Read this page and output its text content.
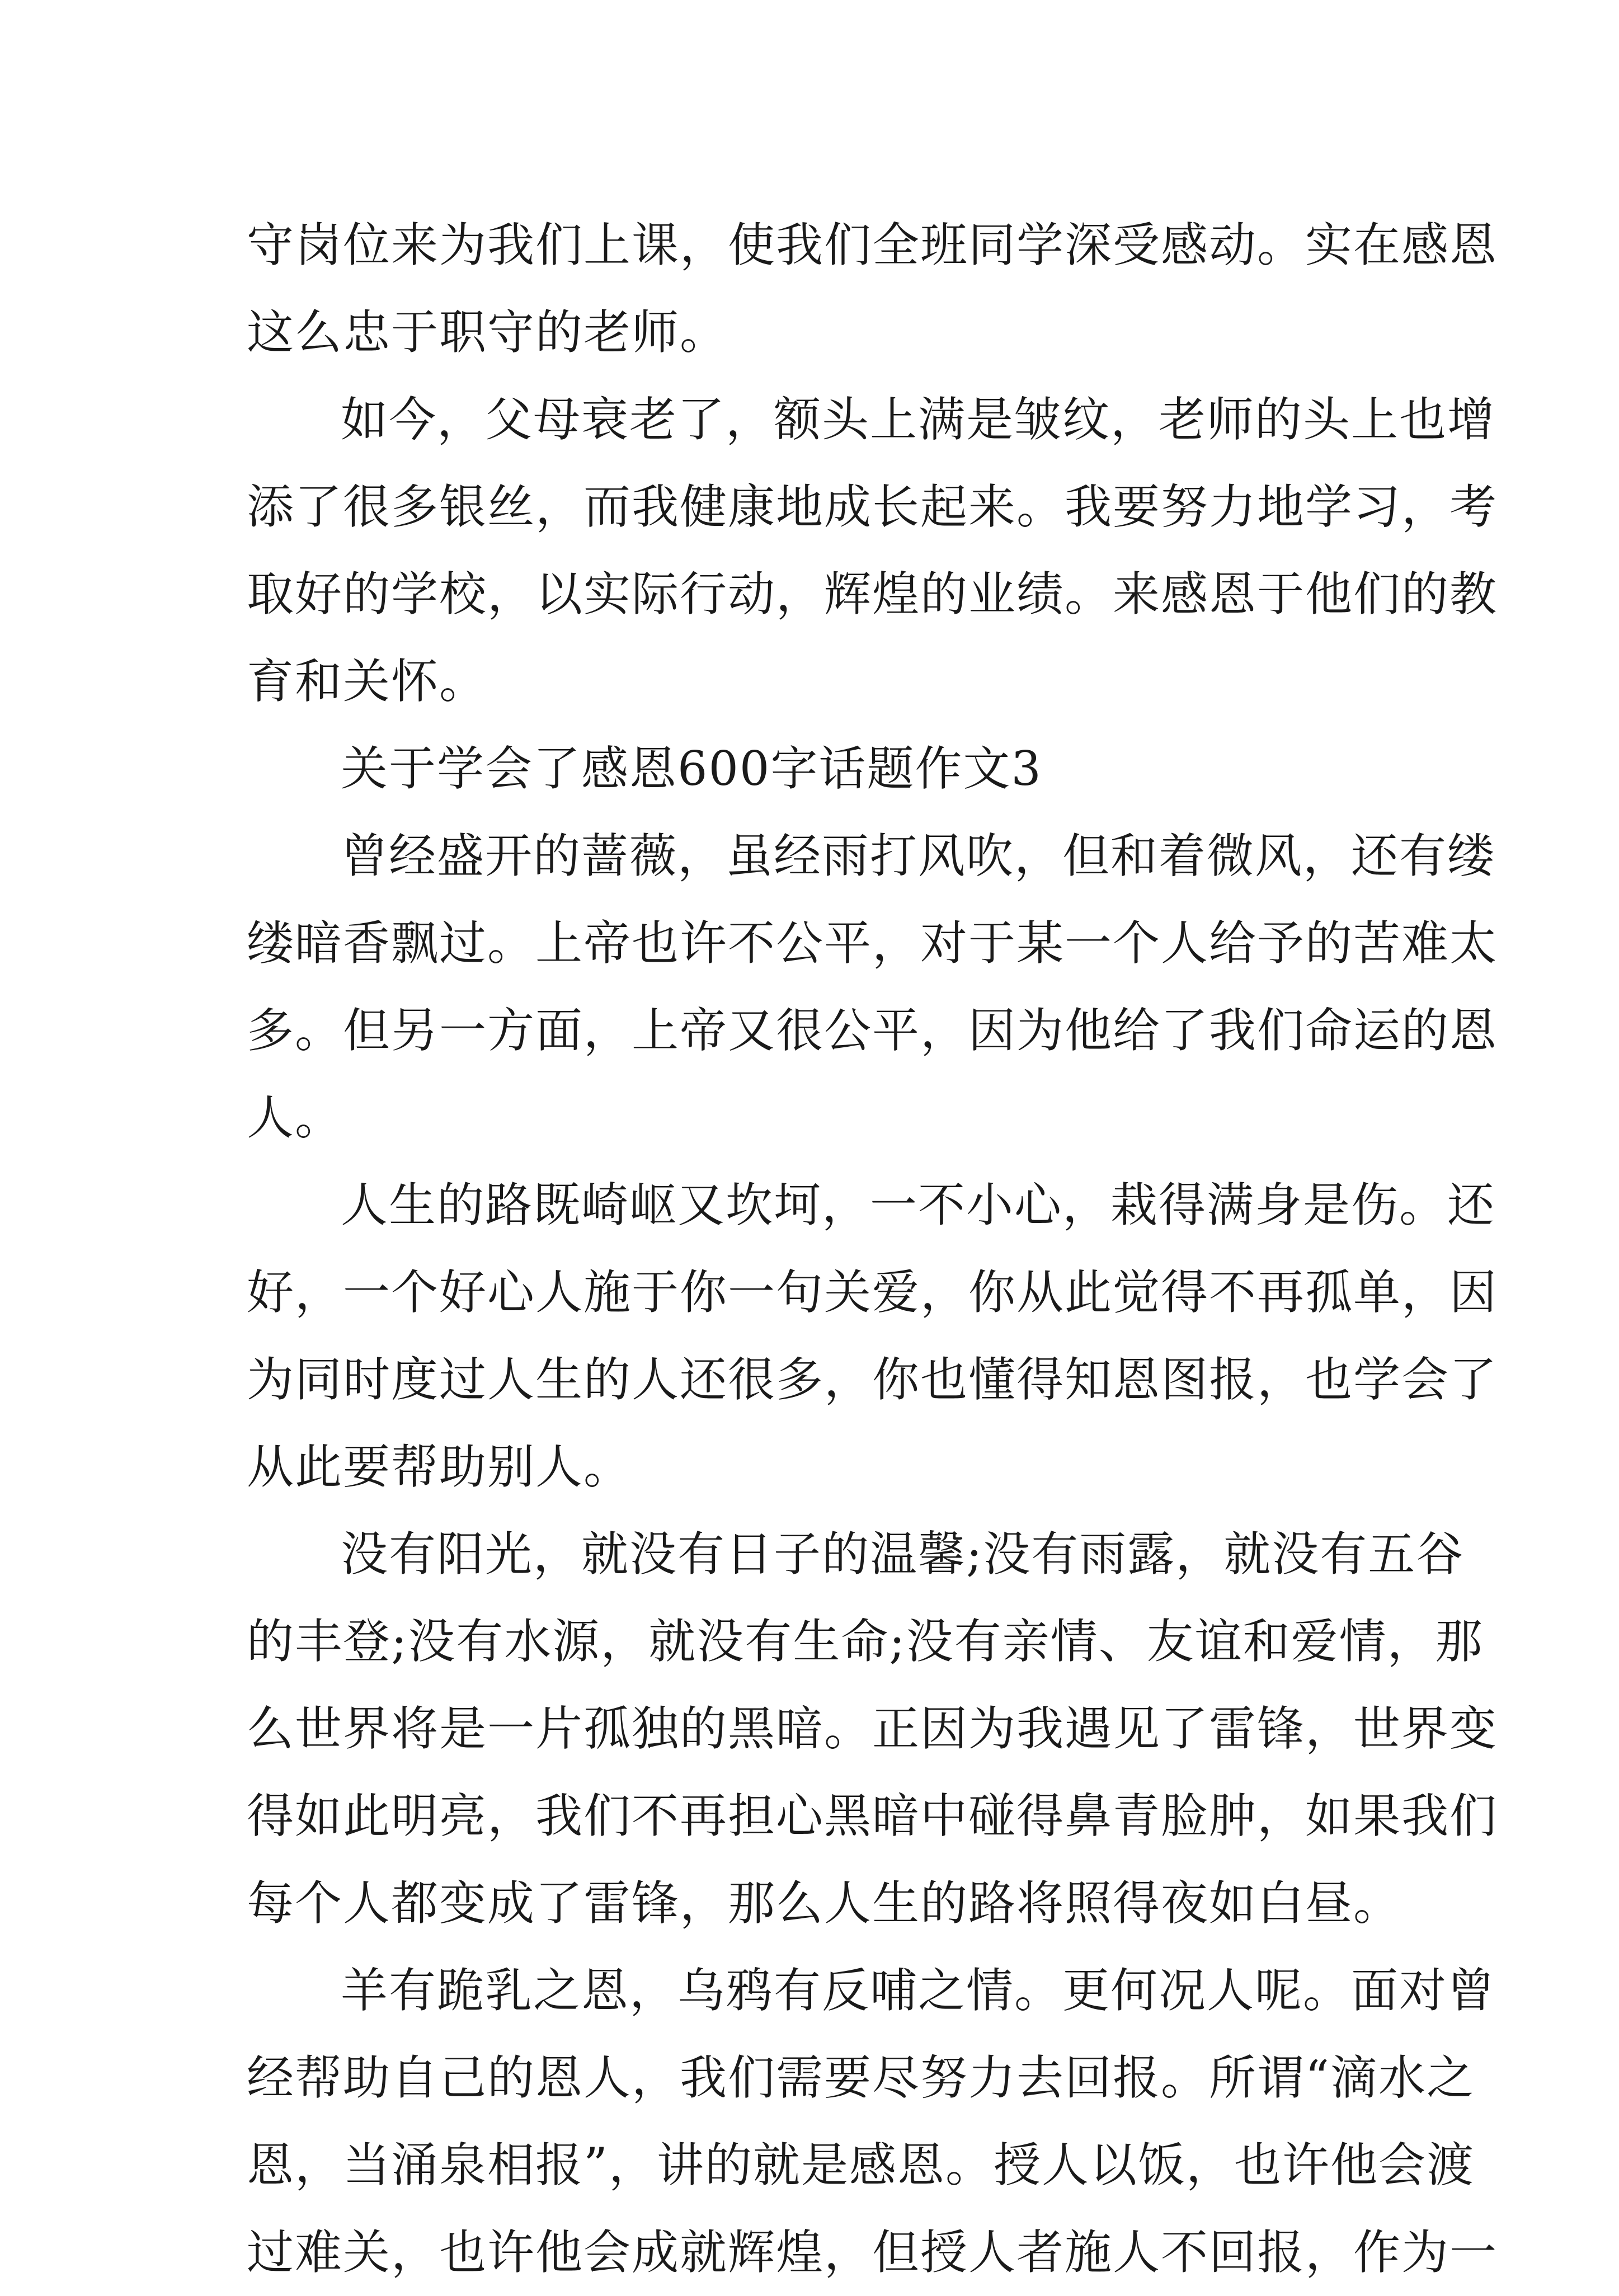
守岗位来为我们上课，使我们全班同学深受感动。实在感恩
这么忠于职守的老师。
如今，父母衰老了，额头上满是皱纹，老师的头上也增
添了很多银丝，而我健康地成长起来。我要努力地学习，考
取好的学校，以实际行动，辉煌的业绩。来感恩于他们的教
育和关怀。
关于学会了感恩600字话题作文3
曾经盛开的蔷薇，虽经雨打风吹，但和着微风，还有缕
缕暗香飘过。上帝也许不公平，对于某一个人给予的苦难太
多。但另一方面，上帝又很公平，因为他给了我们命运的恩
人。
人生的路既崎岖又坎坷，一不小心，栽得满身是伤。还
好，一个好心人施于你一句关爱，你从此觉得不再孤单，因
为同时度过人生的人还很多，你也懂得知恩图报，也学会了
从此要帮助别人。
没有阳光，就没有日子的温馨;没有雨露，就没有五谷
的丰登;没有水源，就没有生命;没有亲情、友谊和爱情，那
么世界将是一片孤独的黑暗。正因为我遇见了雷锋，世界变
得如此明亮，我们不再担心黑暗中碰得鼻青脸肿，如果我们
每个人都变成了雷锋，那么人生的路将照得夜如白昼。
羊有跪乳之恩，乌鸦有反哺之情。更何况人呢。面对曾
经帮助自己的恩人，我们需要尽努力去回报。所谓“滴水之
恩，当涌泉相报”，讲的就是感恩。授人以饭，也许他会渡
过难关，也许他会成就辉煌，但授人者施人不回报，作为一
